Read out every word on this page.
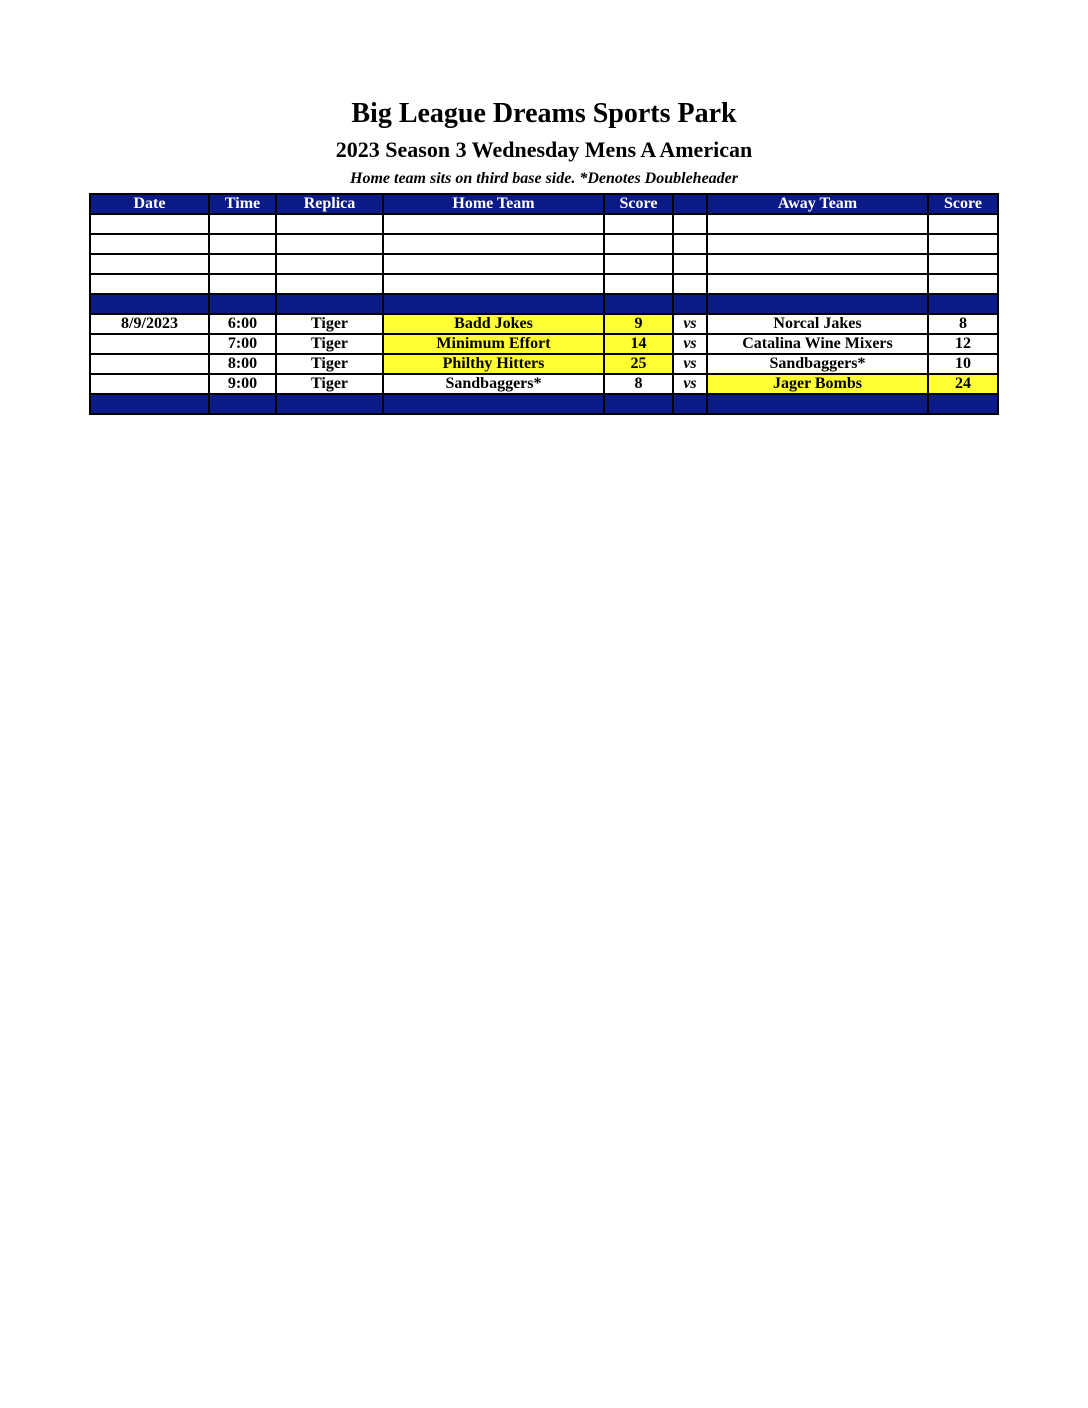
Big League Dreams Sports Park
2023 Season 3 Wednesday Mens A American
Home team sits on third base side. *Denotes Doubleheader
Date	Time	Replica	Home Team	Score		Away Team	Score

8/9/2023	6:00	Tiger	Badd Jokes	9	vs	Norcal Jakes	8
	7:00	Tiger	Minimum Effort	14	vs	Catalina Wine Mixers	12
	8:00	Tiger	Philthy Hitters	25	vs	Sandbaggers*	10
	9:00	Tiger	Sandbaggers*	8	vs	Jager Bombs	24
